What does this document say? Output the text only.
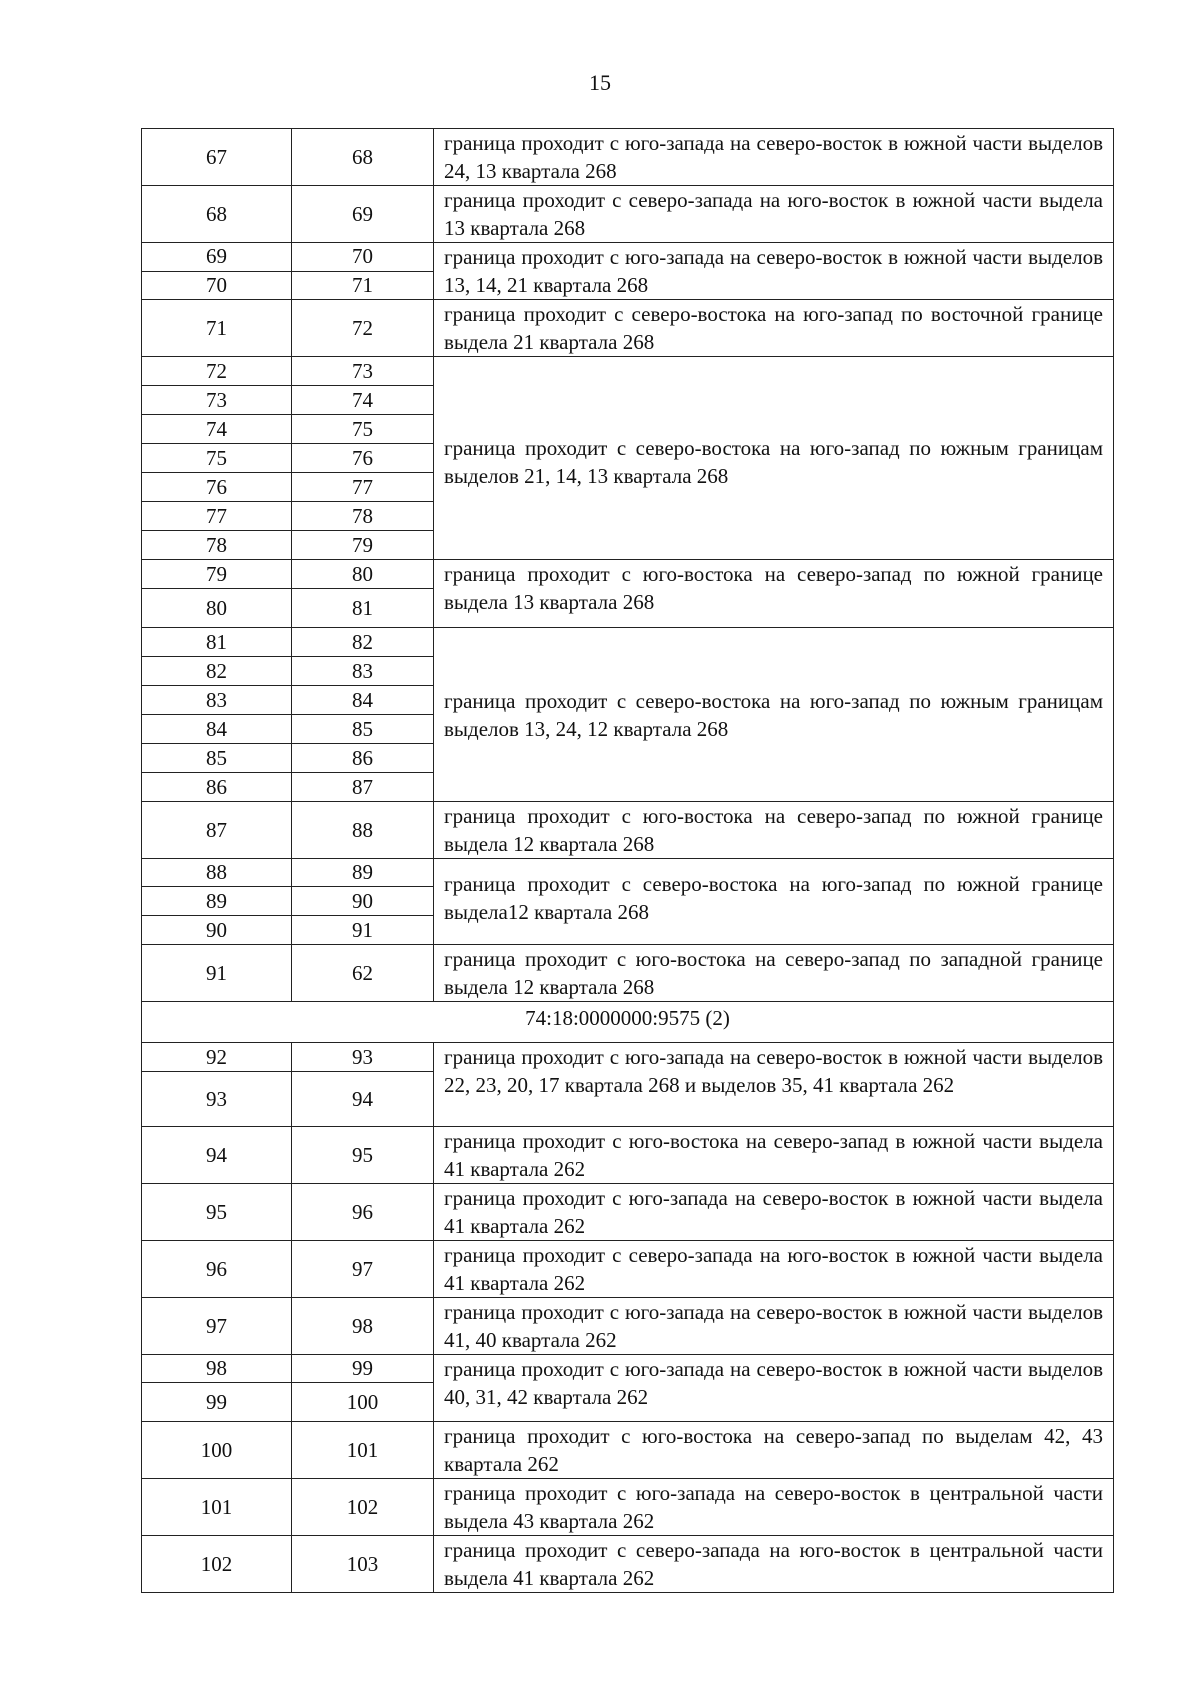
15
67	68	граница проходит с юго-запада на северо-восток в южной части выделов 24, 13 квартала 268
68	69	граница проходит с северо-запада на юго-восток в южной части выдела 13 квартала 268
69	70	граница проходит с юго-запада на северо-восток в южной части выделов 13, 14, 21 квартала 268
70	71	
71	72	граница проходит с северо-востока на юго-запад по восточной границе выдела 21 квартала 268
72	73	граница проходит с северо-востока на юго-запад по южным границам выделов 21, 14, 13 квартала 268
73	74	
74	75	
75	76	
76	77	
77	78	
78	79	
79	80	граница проходит с юго-востока на северо-запад по южной границе выдела 13 квартала 268
80	81	
81	82	граница проходит с северо-востока на юго-запад по южным границам выделов 13, 24, 12 квартала 268
82	83	
83	84	
84	85	
85	86	
86	87	
87	88	граница проходит с юго-востока на северо-запад по южной границе выдела 12 квартала 268
88	89	граница проходит с северо-востока на юго-запад по южной границе выдела12 квартала 268
89	90	
90	91	
91	62	граница проходит с юго-востока на северо-запад по западной границе выдела 12 квартала 268
74:18:0000000:9575 (2)		
92	93	граница проходит с юго-запада на северо-восток в южной части выделов 22, 23, 20, 17 квартала 268 и выделов 35, 41 квартала 262
93	94	
94	95	граница проходит с юго-востока на северо-запад в южной части выдела 41 квартала 262
95	96	граница проходит с юго-запада на северо-восток в южной части выдела 41 квартала 262
96	97	граница проходит с северо-запада на юго-восток в южной части выдела 41 квартала 262
97	98	граница проходит с юго-запада на северо-восток в южной части выделов 41, 40 квартала 262
98	99	граница проходит с юго-запада на северо-восток в южной части выделов 40, 31, 42 квартала 262
99	100	
100	101	граница проходит с юго-востока на северо-запад по выделам 42, 43 квартала 262
101	102	граница проходит с юго-запада на северо-восток в центральной части выдела 43 квартала 262
102	103	граница проходит с северо-запада на юго-восток в центральной части выдела 41 квартала 262
